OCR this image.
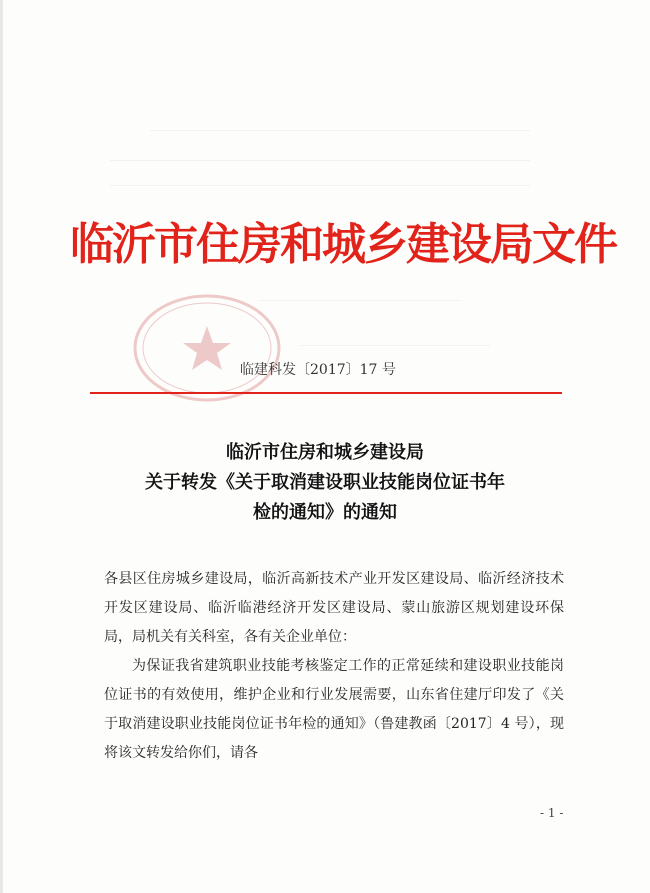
临沂市住房和城乡建设局文件
临建科发〔2017〕17 号
临沂市住房和城乡建设局
关于转发《关于取消建设职业技能岗位证书年
检的通知》的通知

各县区住房城乡建设局，临沂高新技术产业开发区建设局、临沂经济技术开发区建设局、临沂临港经济开发区建设局、蒙山旅游区规划建设环保局，局机关有关科室，各有关企业单位：

为保证我省建筑职业技能考核鉴定工作的正常延续和建设职业技能岗位证书的有效使用，维护企业和行业发展需要，山东省住建厅印发了《关于取消建设职业技能岗位证书年检的通知》（鲁建教函〔2017〕4 号），现将该文转发给你们，请各

- 1 -
